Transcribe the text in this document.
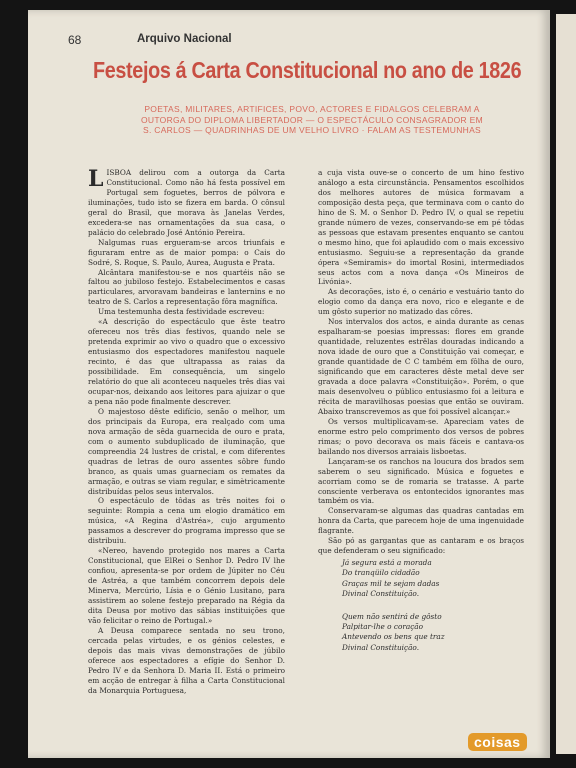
68	Arquivo Nacional
Festejos á Carta Constitucional no ano de 1826
POETAS, MILITARES, ARTIFICES, POVO, ACTORES E FIDALGOS CELEBRAM A OUTORGA DO DIPLOMA LIBERTADOR — O ESPECTÁCULO CONSAGRADOR EM S. CARLOS — QUADRINHAS DE UM VELHO LIVRO · FALAM AS TESTEMUNHAS

LISBOA delirou com a outorga da Carta Constitucional. Como não há festa possível em Portugal sem foguetes, berros de pólvora e iluminações, tudo isto se fizera em barda. O cônsul geral do Brasil, que morava às Janelas Verdes, excedera-se nas ornamentações da sua casa, o palácio do celebrado José António Pereira.

Nalgumas ruas ergueram-se arcos triunfais e figuraram entre as de maior pompa: o Cais do Sodré, S. Roque, S. Paulo, Aurea, Augusta e Prata.

Alcântara manifestou-se e nos quartéis não se faltou ao jubiloso festejo. Estabelecimentos e casas particulares, arvoravam bandeiras e lanternins e no teatro de S. Carlos a representação fôra magnífica.

Uma testemunha desta festividade escreveu:

«A descrição do espectáculo que êste teatro ofereceu nos três dias festivos, quando nele se pretenda exprimir ao vivo o quadro que o excessivo entusiasmo dos espectadores manifestou naquele recinto, é das que ultrapassa as raias da possibilidade. Em consequência, um singelo relatório do que ali aconteceu naqueles três dias vai ocupar-nos, deixando aos leitores para ajuizar o que a pena não pode finalmente descrever.

O majestoso dêste edifício, senão o melhor, um dos principais da Europa, era realçado com uma nova armação de sêda guarnecida de ouro e prata, com o aumento subduplicado de iluminação, que compreendia 24 lustres de cristal, e com diferentes quadras de letras de ouro assentes sôbre fundo branco, as quais umas guarneciam os remates da armação, e outras se viam regular, e simètricamente distribuídas pelos seus intervalos.

O espectáculo de tôdas as três noites foi o seguinte: Rompia a cena um elogio dramático em música, «A Regina d'Astréa», cujo argumento passamos a descrever do programa impresso que se distribuiu.

«Nereo, havendo protegido nos mares a Carta Constitucional, que ElRei o Senhor D. Pedro IV lhe confiou, apresenta-se por ordem de Júpiter no Céu de Astréa, a que também concorrem depois dele Minerva, Mercúrio, Lísia e o Génio Lusitano, para assistirem ao solene festejo preparado na Régia da dita Deusa por motivo das sábias instituições que vão felicitar o reino de Portugal.»

A Deusa comparece sentada no seu trono, cercada pelas virtudes, e os génios celestes, e depois das mais vivas demonstrações de júbilo oferece aos espectadores a efígie do Senhor D. Pedro IV e da Senhora D. Maria II. Está o primeiro em acção de entregar à filha a Carta Constitucional da Monarquia Portuguesa,

a cuja vista ouve-se o concerto de um hino festivo análogo a esta circunstância. Pensamentos escolhidos dos melhores autores de música formavam a composição desta peça, que terminava com o canto do hino de S. M. o Senhor D. Pedro IV, o qual se repetiu grande número de vezes, conservando-se em pé tôdas as pessoas que estavam presentes enquanto se cantou o mesmo hino, que foi aplaudido com o mais excessivo entusiasmo. Seguiu-se a representação da grande ópera «Semiramis» do imortal Rosini, intermediados seus actos com a nova dança «Os Mineiros de Livónia».

As decorações, isto é, o cenário e vestuário tanto do elogio como da dança era novo, rico e elegante e de um gôsto superior no matizado das côres.

Nos intervalos dos actos, e ainda durante as cenas espalharam-se poesias impressas: flores em grande quantidade, reluzentes estrêlas douradas indicando a nova idade de ouro que a Constituição vai começar, e grande quantidade de C C também em fôlha de ouro, significando que em caracteres dêste metal deve ser gravada a doce palavra «Constituição». Porém, o que mais desenvolveu o público entusiasmo foi a leitura e récita de maravilhosas poesias que então se ouviram. Abaixo transcrevemos as que foi possível alcançar.»

Os versos multiplicavam-se. Apareciam vates de enorme estro pelo comprimento dos versos de pobres rimas; o povo decorava os mais fáceis e cantava-os bailando nos diversos arraiais lisboetas.

Lançaram-se os ranchos na loucura dos brados sem saberem o seu significado. Música e foguetes e acorriam como se de romaria se tratasse. A parte consciente verberava os entontecidos ignorantes mas também os via.

Conservaram-se algumas das quadras cantadas em honra da Carta, que parecem hoje de uma ingenuidade flagrante.

São pó as gargantas que as cantaram e os braços que defenderam o seu significado:

Já segura está a morada
Do tranqüilo cidadão
Graças mil te sejam dadas
Divinal Constituição.
Quem não sentirá de gôsto
Palpitar-lhe o coração
Antevendo os bens que traz
Divinal Constituição.
coisas
